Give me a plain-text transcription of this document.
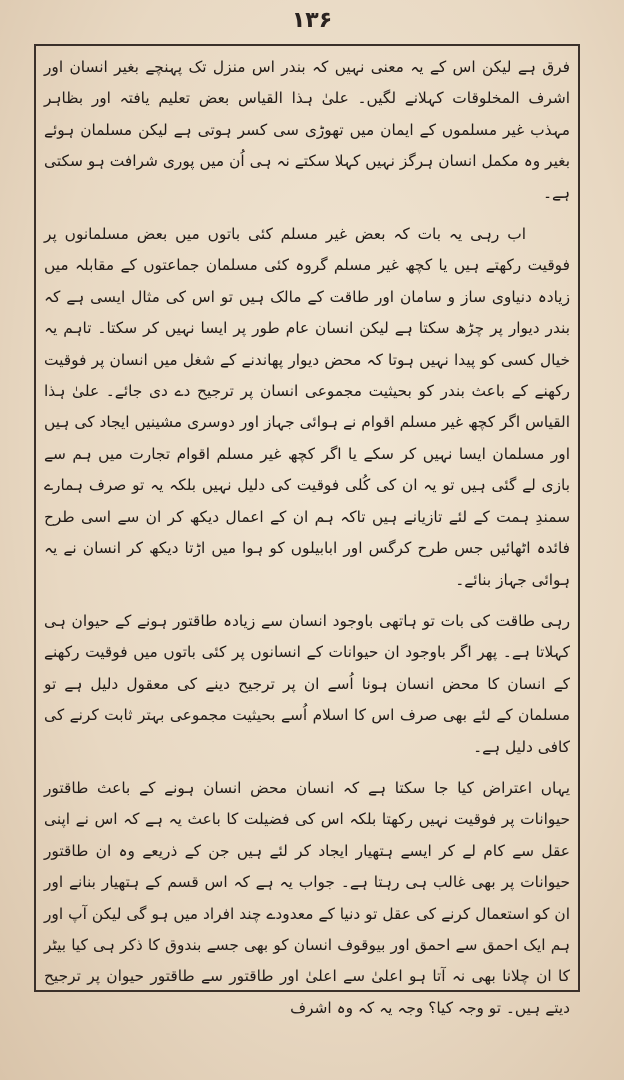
۱۳۶

فرق ہے لیکن اس کے یہ معنی نہیں کہ بندر اس منزل تک پہنچے بغیر انسان اور اشرف المخلوقات کہلانے لگیں۔ علیٰ ہذا القیاس بعض تعلیم یافتہ اور بظاہر مہذب غیر مسلموں کے ایمان میں تھوڑی سی کسر ہوتی ہے لیکن مسلمان ہوئے بغیر وہ مکمل انسان ہرگز نہیں کہلا سکتے نہ ہی اُن میں پوری شرافت ہو سکتی ہے۔

اب رہی یہ بات کہ بعض غیر مسلم کئی باتوں میں بعض مسلمانوں پر فوقیت رکھتے ہیں یا کچھ غیر مسلم گروہ کئی مسلمان جماعتوں کے مقابلہ میں زیادہ دنیاوی ساز و سامان اور طاقت کے مالک ہیں تو اس کی مثال ایسی ہے کہ بندر دیوار پر چڑھ سکتا ہے لیکن انسان عام طور پر ایسا نہیں کر سکتا۔ تاہم یہ خیال کسی کو پیدا نہیں ہوتا کہ محض دیوار پھاندنے کے شغل میں انسان پر فوقیت رکھنے کے باعث بندر کو بحیثیت مجموعی انسان پر ترجیح دے دی جائے۔ علیٰ ہذا القیاس اگر کچھ غیر مسلم اقوام نے ہوائی جہاز اور دوسری مشینیں ایجاد کی ہیں اور مسلمان ایسا نہیں کر سکے یا اگر کچھ غیر مسلم اقوام تجارت میں ہم سے بازی لے گئی ہیں تو یہ ان کی کُلی فوقیت کی دلیل نہیں بلکہ یہ تو صرف ہمارے سمندِ ہمت کے لئے تازیانے ہیں تاکہ ہم ان کے اعمال دیکھ کر ان سے اسی طرح فائدہ اٹھائیں جس طرح کرگس اور ابابیلوں کو ہوا میں اڑتا دیکھ کر انسان نے یہ ہوائی جہاز بنائے۔

رہی طاقت کی بات تو ہاتھی باوجود انسان سے زیادہ طاقتور ہونے کے حیوان ہی کہلاتا ہے۔ پھر اگر باوجود ان حیوانات کے انسانوں پر کئی باتوں میں فوقیت رکھنے کے انسان کا محض انسان ہونا اُسے ان پر ترجیح دینے کی معقول دلیل ہے تو مسلمان کے لئے بھی صرف اس کا اسلام اُسے بحیثیت مجموعی بہتر ثابت کرنے کی کافی دلیل ہے۔

یہاں اعتراض کیا جا سکتا ہے کہ انسان محض انسان ہونے کے باعث طاقتور حیوانات پر فوقیت نہیں رکھتا بلکہ اس کی فضیلت کا باعث یہ ہے کہ اس نے اپنی عقل سے کام لے کر ایسے ہتھیار ایجاد کر لئے ہیں جن کے ذریعے وہ ان طاقتور حیوانات پر بھی غالب ہی رہتا ہے۔ جواب یہ ہے کہ اس قسم کے ہتھیار بنانے اور ان کو استعمال کرنے کی عقل تو دنیا کے معدودے چند افراد میں ہو گی لیکن آپ اور ہم ایک احمق سے احمق اور بیوقوف انسان کو بھی جسے بندوق کا ذکر ہی کیا بیٹر کا ان چلانا بھی نہ آتا ہو اعلیٰ سے اعلیٰ اور طاقتور سے طاقتور حیوان پر ترجیح دیتے ہیں۔ تو وجہ کیا؟ وجہ یہ کہ وہ اشرف
